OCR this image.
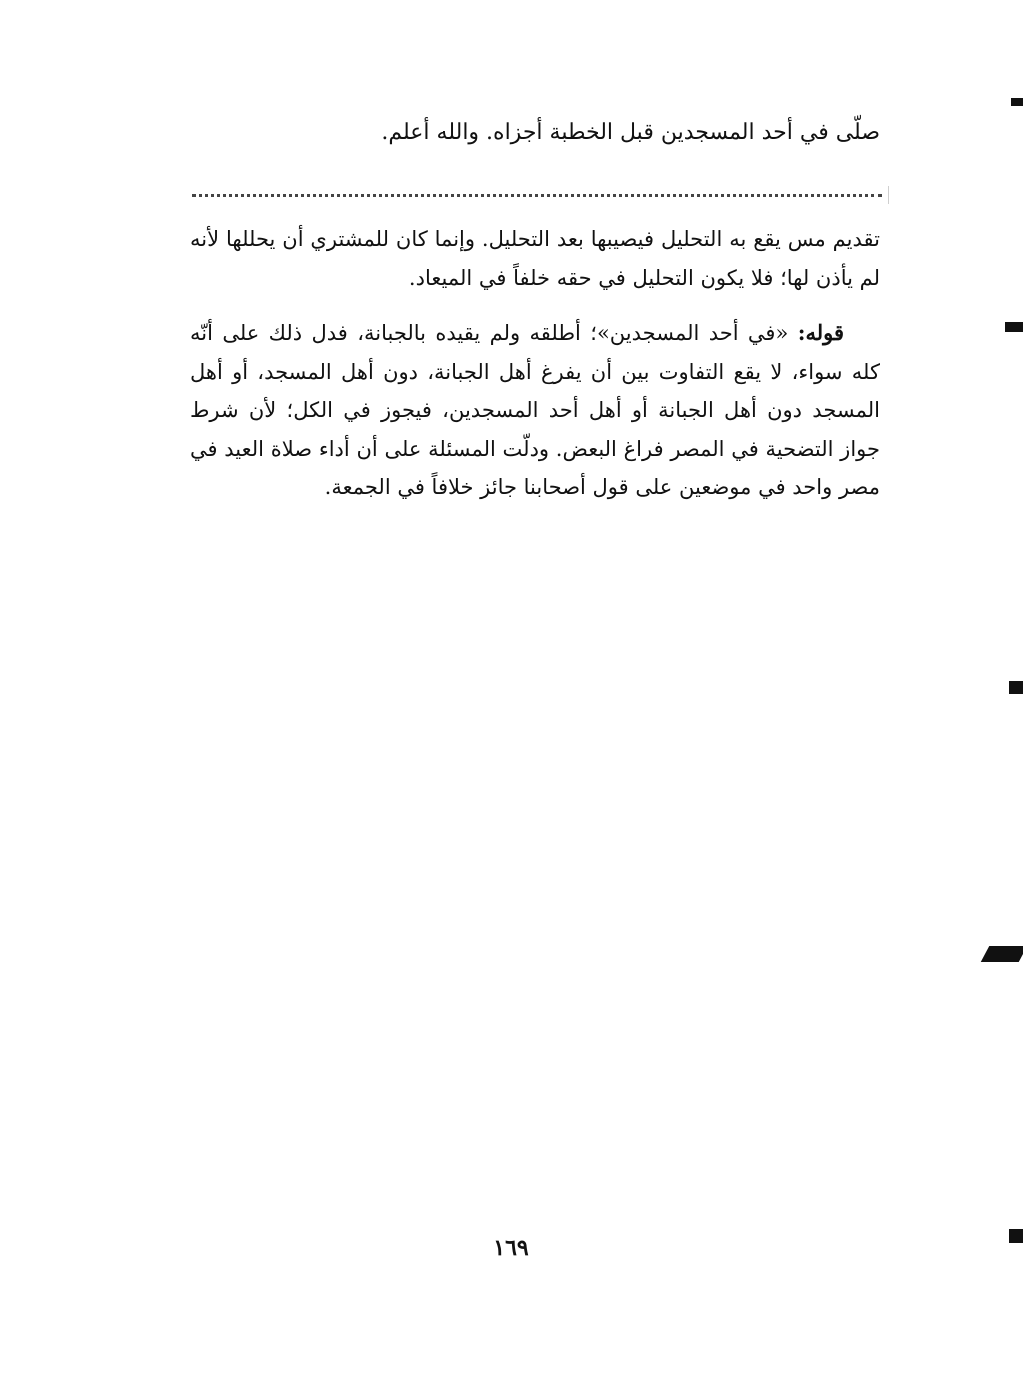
صلّى في أحد المسجدين قبل الخطبة أجزاه. والله أعلم.

تقديم مس يقع به التحليل فيصيبها بعد التحليل. وإنما كان للمشتري أن يحللها لأنه لم يأذن لها؛ فلا يكون التحليل في حقه خلفاً في الميعاد.

قوله: «في أحد المسجدين»؛ أطلقه ولم يقيده بالجبانة، فدل ذلك على أنّه كله سواء، لا يقع التفاوت بين أن يفرغ أهل الجبانة، دون أهل المسجد، أو أهل المسجد دون أهل الجبانة أو أهل أحد المسجدين، فيجوز في الكل؛ لأن شرط جواز التضحية في المصر فراغ البعض. ودلّت المسئلة على أن أداء صلاة العيد في مصر واحد في موضعين على قول أصحابنا جائز خلافاً في الجمعة.

١٦٩
